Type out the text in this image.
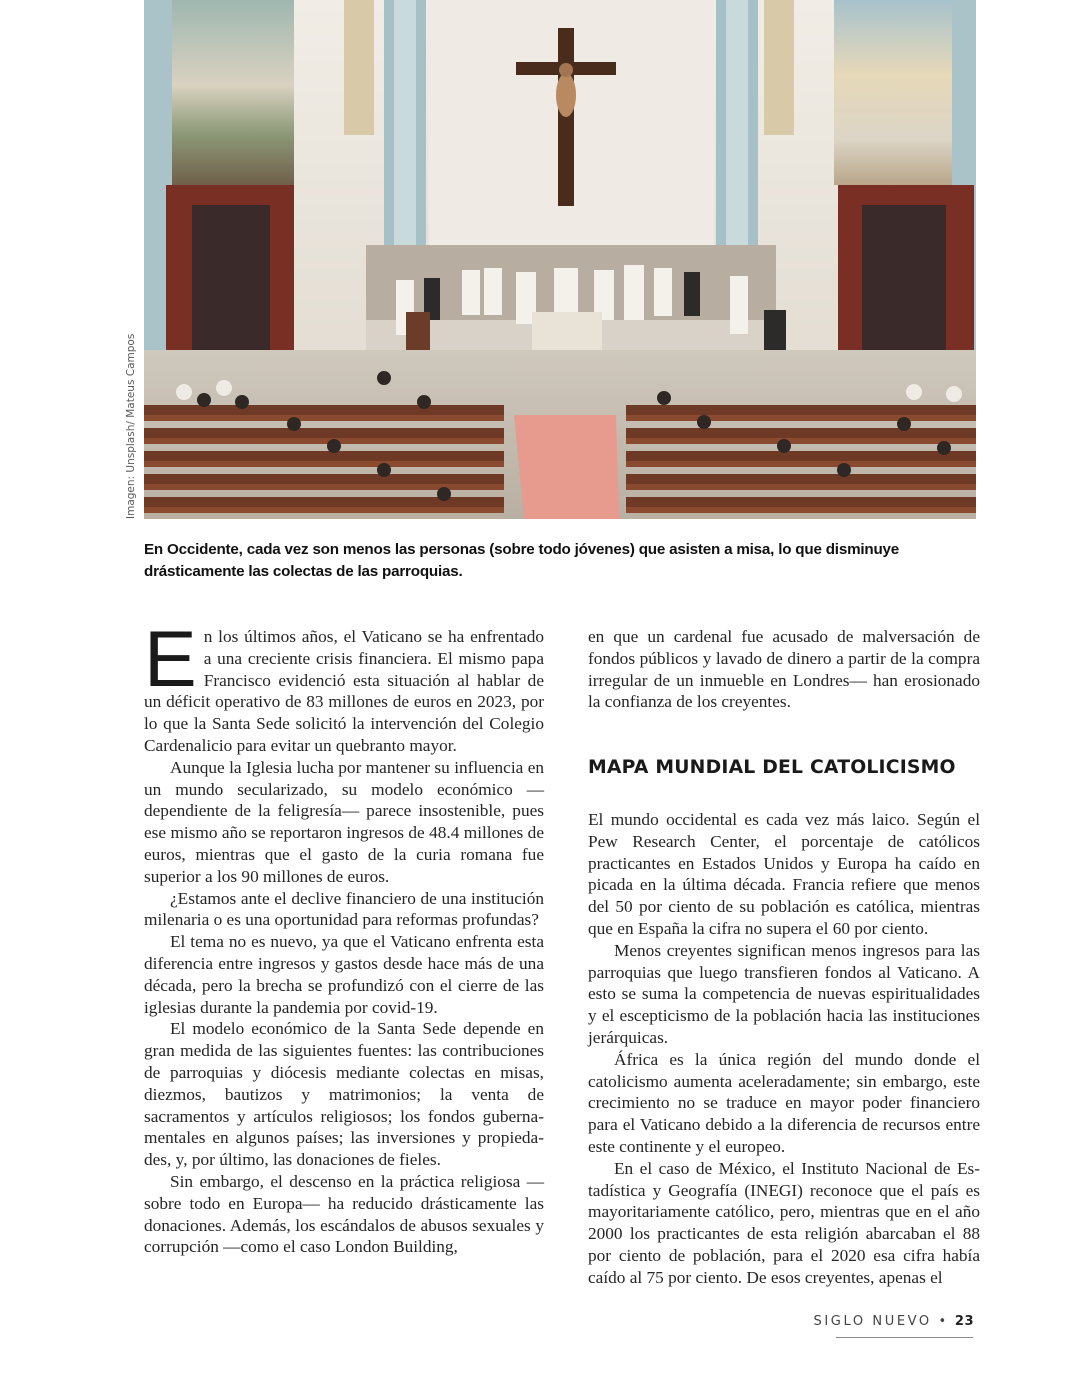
Imagen: Unsplash/ Mateus Campos
En Occidente, cada vez son menos las personas (sobre todo jóvenes) que asisten a misa, lo que disminuye drásticamente las colectas de las parroquias.

En los últimos años, el Vaticano se ha enfrentado a una creciente crisis financiera. El mismo papa Francisco evidenció esta situación al hablar de un déficit operativo de 83 millones de euros en 2023, por lo que la Santa Sede solicitó la intervención del Colegio Cardenalicio para evitar un quebranto mayor.

Aunque la Iglesia lucha por mantener su influencia en un mundo secularizado, su modelo económico —dependiente de la feligresía— parece insostenible, pues ese mismo año se reportaron ingresos de 48.4 millones de euros, mientras que el gasto de la curia romana fue superior a los 90 millones de euros.

¿Estamos ante el declive financiero de una institución milenaria o es una oportunidad para reformas profundas?

El tema no es nuevo, ya que el Vaticano enfrenta esta diferencia entre ingresos y gastos desde hace más de una década, pero la brecha se profundizó con el cierre de las iglesias durante la pandemia por covid-19.

El modelo económico de la Santa Sede depende en gran medida de las siguientes fuentes: las contribuciones de parroquias y diócesis mediante colectas en misas, diezmos, bautizos y matrimonios; la venta de sacramentos y artículos religiosos; los fondos gubernamentales en algunos países; las inversiones y propiedades, y, por último, las donaciones de fieles.

Sin embargo, el descenso en la práctica religiosa —sobre todo en Europa— ha reducido drásticamente las donaciones. Además, los escándalos de abusos sexuales y corrupción —como el caso London Building,

en que un cardenal fue acusado de malversación de fondos públicos y lavado de dinero a partir de la compra irregular de un inmueble en Londres— han erosionado la confianza de los creyentes.

MAPA MUNDIAL DEL CATOLICISMO

El mundo occidental es cada vez más laico. Según el Pew Research Center, el porcentaje de católicos practicantes en Estados Unidos y Europa ha caído en picada en la última década. Francia refiere que menos del 50 por ciento de su población es católica, mientras que en España la cifra no supera el 60 por ciento.

Menos creyentes significan menos ingresos para las parroquias que luego transfieren fondos al Vaticano. A esto se suma la competencia de nuevas espiritualidades y el escepticismo de la población hacia las instituciones jerárquicas.

África es la única región del mundo donde el catolicismo aumenta aceleradamente; sin embargo, este crecimiento no se traduce en mayor poder financiero para el Vaticano debido a la diferencia de recursos entre este continente y el europeo.

En el caso de México, el Instituto Nacional de Estadística y Geografía (INEGI) reconoce que el país es mayoritariamente católico, pero, mientras que en el año 2000 los practicantes de esta religión abarcaban el 88 por ciento de población, para el 2020 esa cifra había caído al 75 por ciento. De esos creyentes, apenas el

SIGLO NUEVO • 23
